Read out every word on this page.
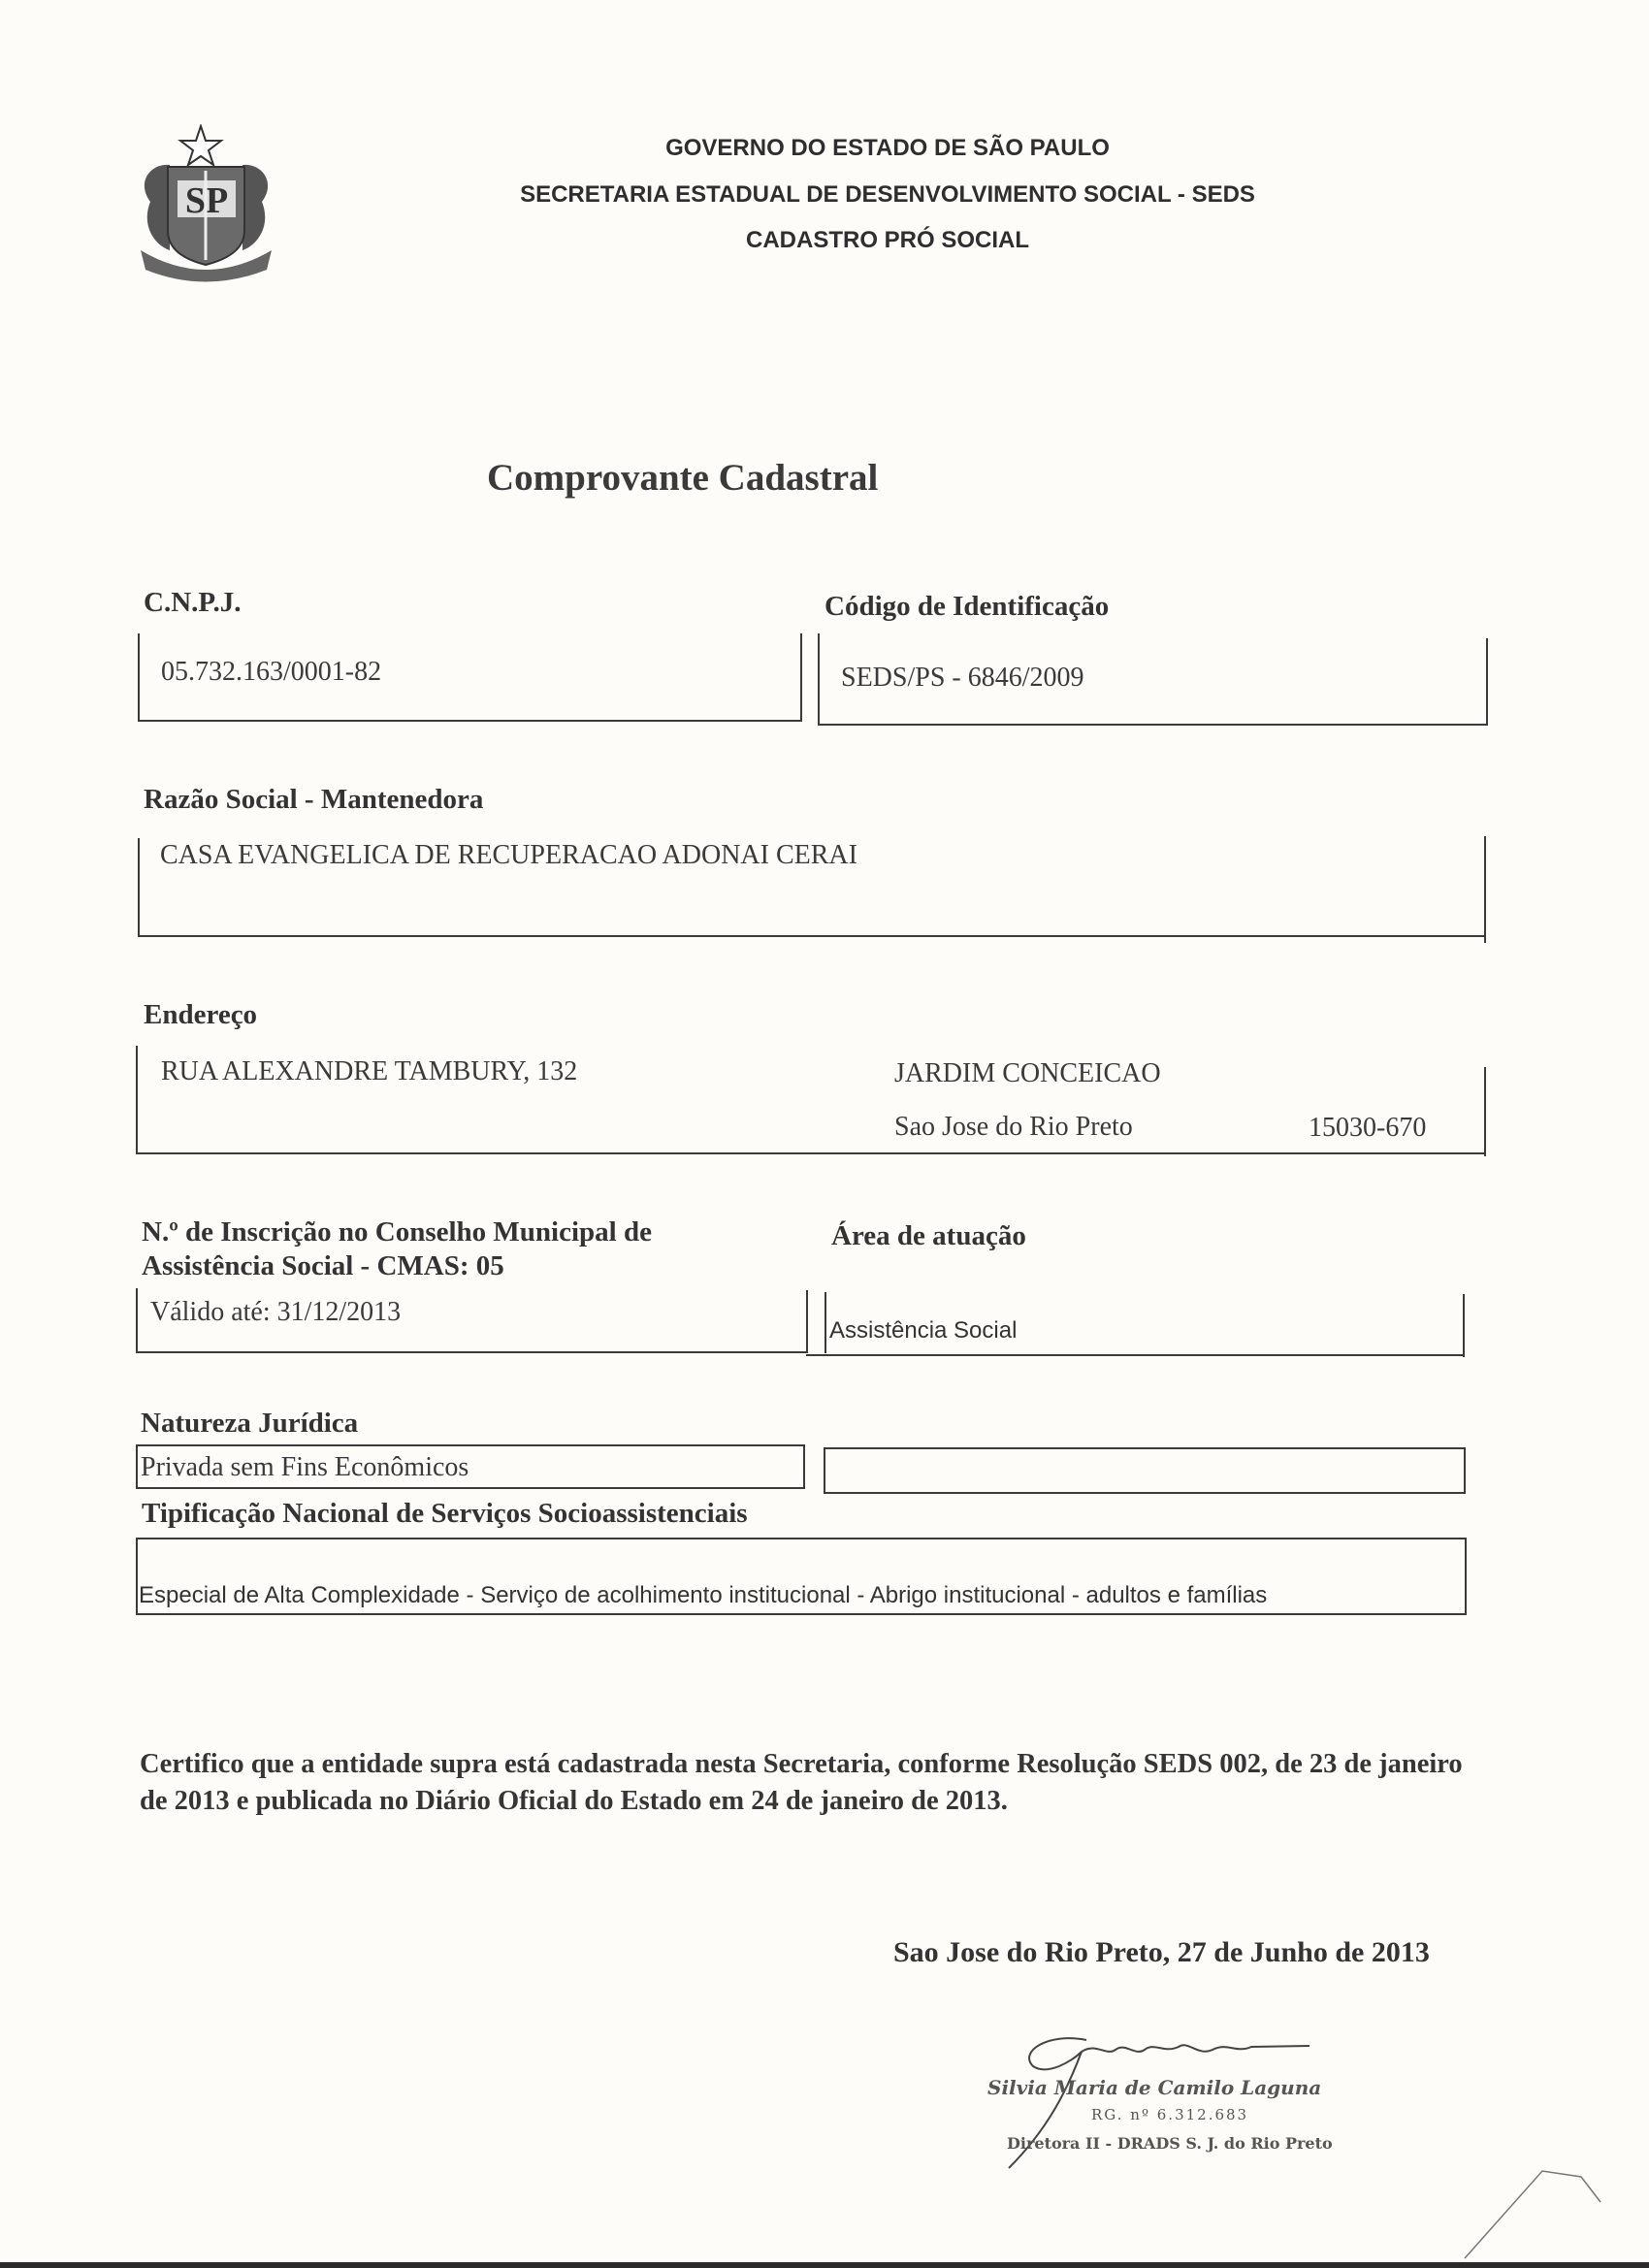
SP
GOVERNO DO ESTADO DE SÃO PAULO
SECRETARIA ESTADUAL DE DESENVOLVIMENTO SOCIAL - SEDS
CADASTRO PRÓ SOCIAL
Comprovante Cadastral
C.N.P.J.
05.732.163/0001-82
Código de Identificação
SEDS/PS - 6846/2009
Razão Social - Mantenedora
CASA EVANGELICA DE RECUPERACAO ADONAI CERAI
Endereço
RUA ALEXANDRE TAMBURY, 132	JARDIM CONCEICAO
Sao Jose do Rio Preto	15030-670
N.º de Inscrição no Conselho Municipal de
Assistência Social - CMAS: 05
Válido até: 31/12/2013
Área de atuação
Assistência Social
Natureza Jurídica
Privada sem Fins Econômicos
Tipificação Nacional de Serviços Socioassistenciais
Especial de Alta Complexidade - Serviço de acolhimento institucional - Abrigo institucional - adultos e famílias
Certifico que a entidade supra está cadastrada nesta Secretaria, conforme Resolução SEDS 002, de 23 de janeiro de 2013 e publicada no Diário Oficial do Estado em 24 de janeiro de 2013.
Sao Jose do Rio Preto, 27 de Junho de 2013
Silvia Maria de Camilo Laguna
RG. nº 6.312.683
Diretora II - DRADS S. J. do Rio Preto
